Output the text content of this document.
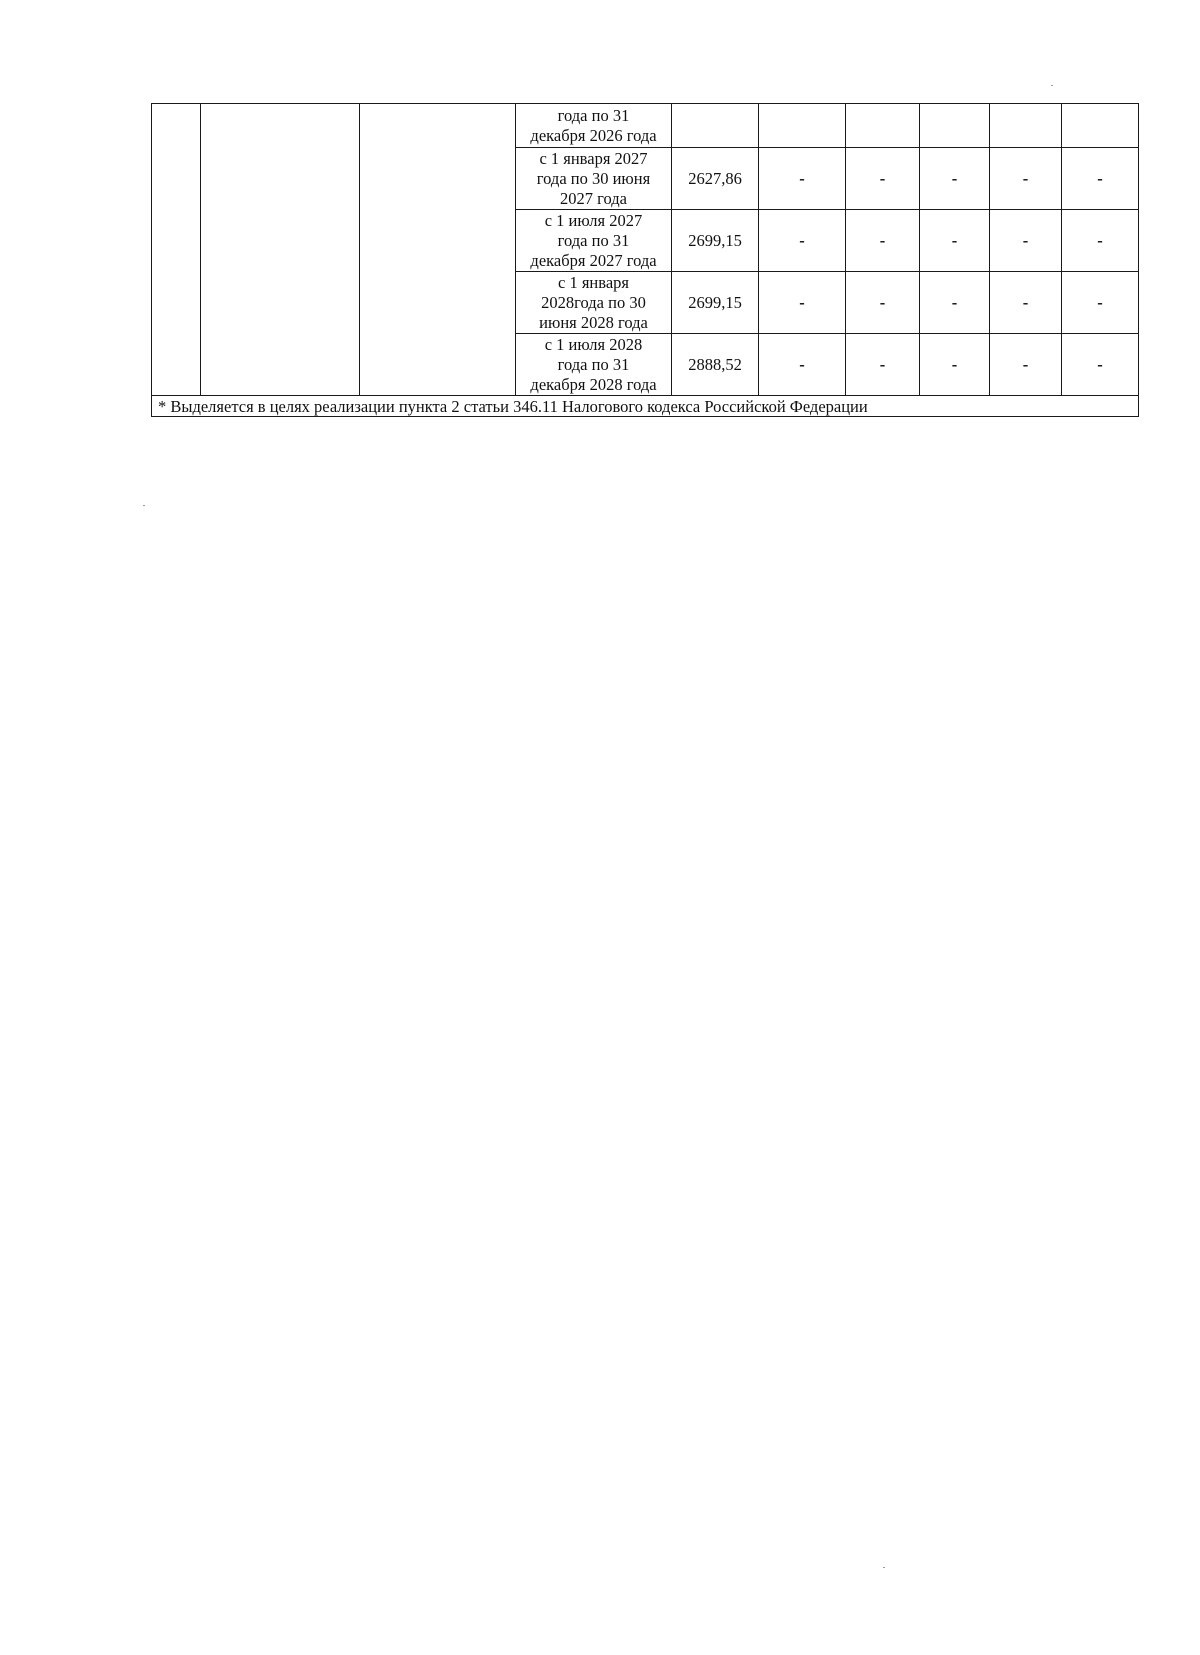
			года по 31
декабря 2026 года						

			с 1 января 2027
года по 30 июня
2027 года	2627,86	-	-	-	-	-

			с 1 июля 2027
года по 31
декабря 2027 года	2699,15	-	-	-	-	-

			с 1 января
2028года по 30
июня 2028 года	2699,15	-	-	-	-	-

			с 1 июля 2028
года по 31
декабря 2028 года	2888,52	-	-	-	-	-
* Выделяется в целях реализации пункта 2 статьи 346.11 Налогового кодекса Российской Федерации									
